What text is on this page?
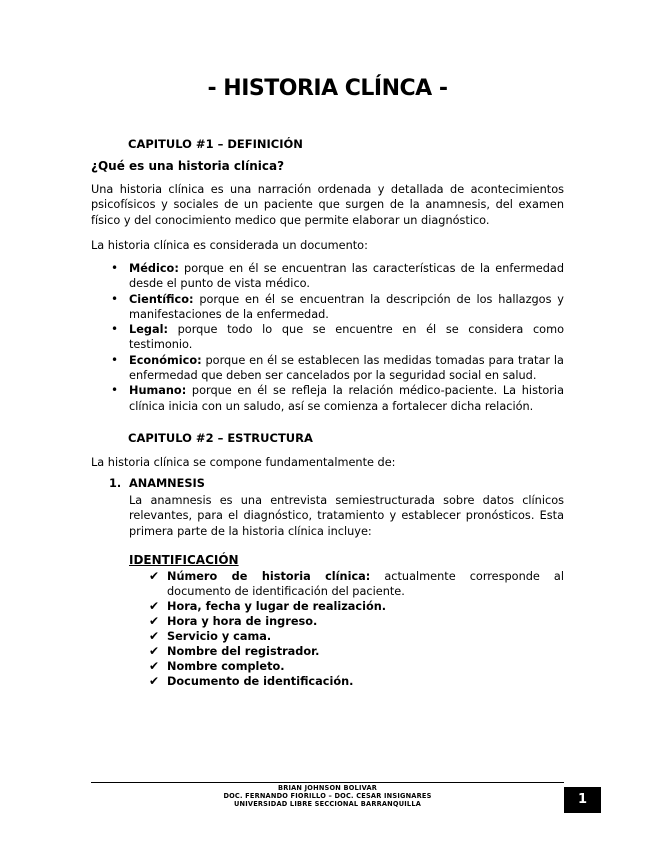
- HISTORIA CLÍNCA -
CAPITULO #1 – DEFINICIÓN
¿Qué es una historia clínica?
Una historia clínica es una narración ordenada y detallada de acontecimientos psicofísicos y sociales de un paciente que surgen de la anamnesis, del examen físico y del conocimiento medico que permite elaborar un diagnóstico.
La historia clínica es considerada un documento:
• Médico: porque en él se encuentran las características de la enfermedad desde el punto de vista médico.
• Científico: porque en él se encuentran la descripción de los hallazgos y manifestaciones de la enfermedad.
• Legal: porque todo lo que se encuentre en él se considera como testimonio.
• Económico: porque en él se establecen las medidas tomadas para tratar la enfermedad que deben ser cancelados por la seguridad social en salud.
• Humano: porque en él se refleja la relación médico-paciente. La historia clínica inicia con un saludo, así se comienza a fortalecer dicha relación.
CAPITULO #2 – ESTRUCTURA
La historia clínica se compone fundamentalmente de:
1. ANAMNESIS
La anamnesis es una entrevista semiestructurada sobre datos clínicos relevantes, para el diagnóstico, tratamiento y establecer pronósticos. Esta primera parte de la historia clínica incluye:
IDENTIFICACIÓN
✔ Número de historia clínica: actualmente corresponde al documento de identificación del paciente.
✔ Hora, fecha y lugar de realización.
✔ Hora y hora de ingreso.
✔ Servicio y cama.
✔ Nombre del registrador.
✔ Nombre completo.
✔ Documento de identificación.
BRIAN JOHNSON BOLIVAR
DOC. FERNANDO FIORILLO – DOC. CESAR INSIGNARES
UNIVERSIDAD LIBRE SECCIONAL BARRANQUILLA	1
